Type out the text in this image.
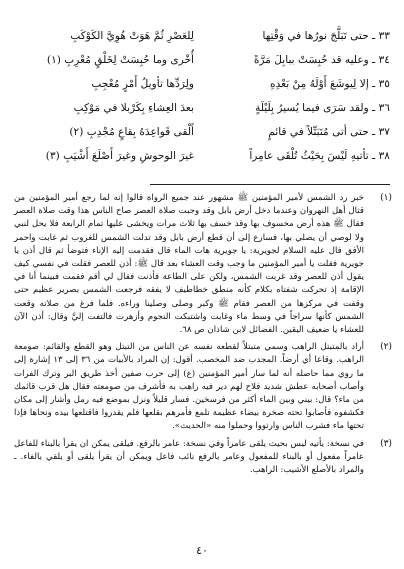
٣٣ ـ حتى تَبَلَّجَ نورُها في وَقْتِها
لِلعَصْرِ ثُمَّ هَوَتْ هُوِيَّ الكَوْكَبِ
٣٤ ـ وعليه قد حُبِسَتْ ببابِلَ مَرَّةً
أُخْرى وما حُبِسَتْ لِخَلْقٍ مُعْرِبِ (١)
٣٥ ـ إلا لِيوشَعَ أَوْلَهُ مِنْ بَعْدِهِ
ولِرَدِّها تأويلُ أَمْرٍ مُعْجِبِ
٣٦ ـ ولقد سَرَى فيما يُسيرُ بِلَيْلَةٍ
بعدَ العِشاءِ بِكَرْبلا في مَوْكِبِ
٣٧ ـ حتى أتى مُتَبَتِّلاً في قائمٍ
أَلْقى قَواعِدَهُ بِقاعٍ مُجْدِبِ (٢)
٣٨ ـ تأتيهِ لَيْسَ بِحَيْثُ تُلْقَى عامِراً
غيرَ الوحوشِ وغيرَ أَصْلَعَ أَشْيَبِ (٣)
(١)
خبر رد الشمس لأمير المؤمنين ﷺ مشهور عند جميع الرواة قالوا إنه لما رجع أمير المؤمنين من قتال أهل النهروان وعندما دخل أرض بابل وقد وجبت صلاة العصر صاح الناس هذا وقت صلاة العصر فقال ﷺ هذه أرض مخسوف بها وقد خسف بها ثلاث مرات ويخشى عليها تمام الرابعة فلا يحل لنبي ولا لوصي أن يصلي بها، فسارع إلى أن قطع أرض بابل وقد تدلت الشمس للغروب ثم غابت واحمر الأفق فال عليه السلام لجويرية: يا جويرية هات الماء قال فقدمت إليه الإناء فتوضأ ثم قال أذن يا جويرية فقلت يا أمير المؤمنين ما وجب وقت العشاء بعد قال ﷺ: أذن للعصر فقلت في نفسي كيف يقول أذن للعصر وقد غربت الشمس، ولكن على الطاعة فأذنت فقال لي أقم فقمت فبينما أنا في الإقامة إذ تحركت شفتاه بكلام كأنه منطق خطاطيف لا يفقه فرجعت الشمس بصرير عظيم حتى وقفت في مركزها من العصر فقام ﷺ وكبر وصلى وصلينا وراءه. فلما فرغ من صلاته وقعت الشمس كأنها سراجاً في وسط ماء وغابت واشتبكت النجوم وأزهرت فالتفت إليَّ وقال: أذن الآن للعشاء يا ضعيف اليقين. الفضائل لابن شاذان ص ٦٨.
(٢)
أراد بالمتبتل الراهب وسمي متبتلاً لقطعه نفسه عن الناس من التبتل وهو القطع والقائم: صومعة الراهب. وقاعا أي أرضاً. المجدب ضد المخصب. أقول: إن المراد بالأبيات من ٣٦ إلى ١٣ إشارة إلى ما روي مما حاصله أنه لما سار أمير المؤمنين (ع) إلى حرب صفين أخذ طريق البر وترك الفرات وأصاب أصحابه عطش شديد فلاح لهم دير فيه راهب به فأشرف من صومعته فقال هل قرب قائمك من ماء؟ قال: بيني وبين الماء أكثر من فرسخين. فسار قليلاً ونزل بموضع فيه رمل وأشار إلى مكان فكشفوه فأصابوا تحته صخرة بيضاء عظيمة تلمع فأمرهم بقلعها فلم يقدروا فاقتلعها بيده ونحاها فإذا تحتها ماء فشرب الناس وارتووا وحملوا منه «الحديث».
(٣)
في نسخة: يأتيه ليس بحيث يلقى عامراً وفي نسخة: عامر بالرفع. فيلقى يمكن ان يقرأ بالبناء للفاعل عامراً مفعول أو بالبناء للمفعول وعامر بالرفع نائب فاعل ويمكن أن يقرأ يلقى أو يلقي بالفاء. ـ والمراد بالأصلع الأشيب: الراهب.
٤٠
